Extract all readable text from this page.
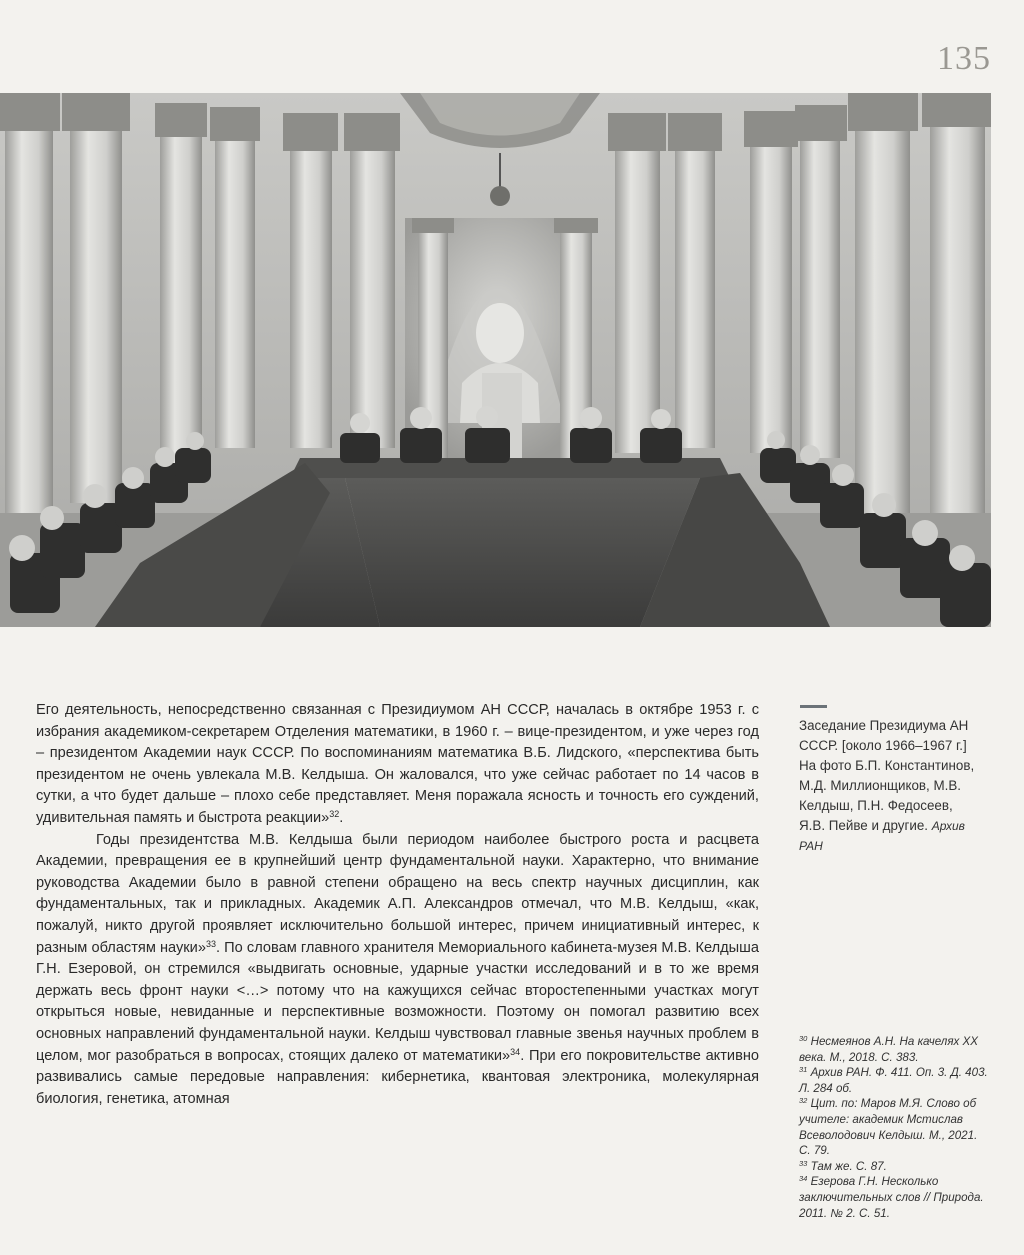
135

Его деятельность, непосредственно связанная с Президиумом АН СССР, началась в октябре 1953 г. с избрания академиком-секретарем Отделения математики, в 1960 г. – вице-президентом, и уже через год – президентом Академии наук СССР. По воспоминаниям математика В.Б. Лидского, «перспектива быть президентом не очень увлекала М.В. Келдыша. Он жаловался, что уже сейчас работает по 14 часов в сутки, а что будет дальше – плохо себе представляет. Меня поражала ясность и точность его суждений, удивительная память и быстрота реакции»$^{32}$.

Годы президентства М.В. Келдыша были периодом наиболее быстрого роста и расцвета Академии, превращения ее в крупнейший центр фундаментальной науки. Характерно, что внимание руководства Академии было в равной степени обращено на весь спектр научных дисциплин, как фундаментальных, так и прикладных. Академик А.П. Александров отмечал, что М.В. Келдыш, «как, пожалуй, никто другой проявляет исключительно большой интерес, причем инициативный интерес, к разным областям науки»$^{33}$. По словам главного хранителя Мемориального кабинета-музея М.В. Келдыша Г.Н. Езеровой, он стремился «выдвигать основные, ударные участки исследований и в то же время держать весь фронт науки <…> потому что на кажущихся сейчас второстепенными участках могут открыться новые, невиданные и перспективные возможности. Поэтому он помогал развитию всех основных направлений фундаментальной науки. Келдыш чувствовал главные звенья научных проблем в целом, мог разобраться в вопросах, стоящих далеко от математики»$^{34}$. При его покровительстве активно развивались самые передовые направления: кибернетика, квантовая электроника, молекулярная биология, генетика, атомная

Заседание Президиума АН СССР. [около 1966–1967 г.] На фото Б.П. Константинов, М.Д. Миллионщиков, М.В. Келдыш, П.Н. Федосеев, Я.В. Пейве и другие. Архив РАН
$^{30}$ Несмеянов А.Н. На качелях XX века. М., 2018. С. 383.
$^{31}$ Архив РАН. Ф. 411. Оп. 3. Д. 403. Л. 284 об.
$^{32}$ Цит. по: Маров М.Я. Слово об учителе: академик Мстислав Всеволодович Келдыш. М., 2021. С. 79.
$^{33}$ Там же. С. 87.
$^{34}$ Езерова Г.Н. Несколько заключительных слов // Природа. 2011. № 2. С. 51.
